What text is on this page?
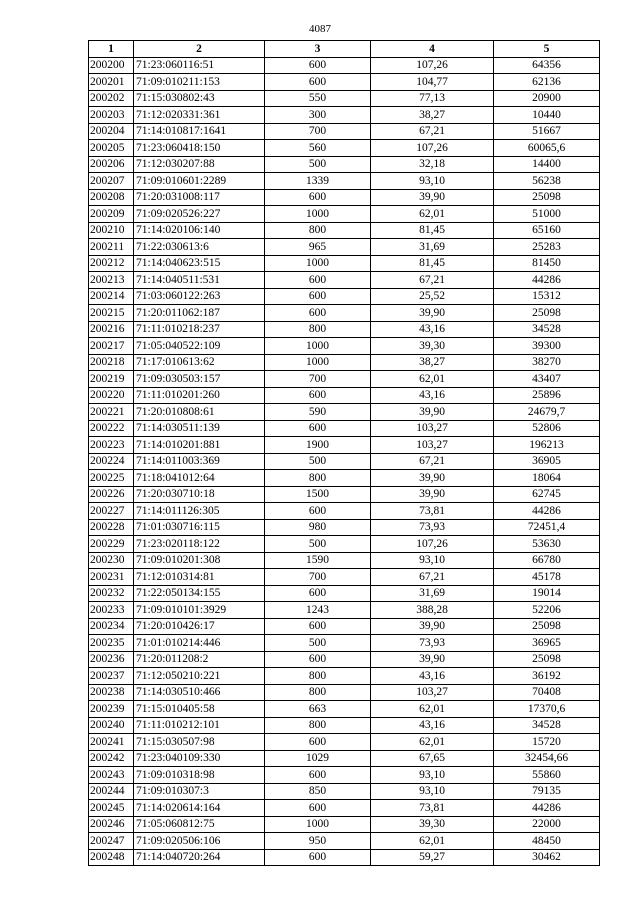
4087
1	2	3	4	5
200200	71:23:060116:51	600	107,26	64356
200201	71:09:010211:153	600	104,77	62136
200202	71:15:030802:43	550	77,13	20900
200203	71:12:020331:361	300	38,27	10440
200204	71:14:010817:1641	700	67,21	51667
200205	71:23:060418:150	560	107,26	60065,6
200206	71:12:030207:88	500	32,18	14400
200207	71:09:010601:2289	1339	93,10	56238
200208	71:20:031008:117	600	39,90	25098
200209	71:09:020526:227	1000	62,01	51000
200210	71:14:020106:140	800	81,45	65160
200211	71:22:030613:6	965	31,69	25283
200212	71:14:040623:515	1000	81,45	81450
200213	71:14:040511:531	600	67,21	44286
200214	71:03:060122:263	600	25,52	15312
200215	71:20:011062:187	600	39,90	25098
200216	71:11:010218:237	800	43,16	34528
200217	71:05:040522:109	1000	39,30	39300
200218	71:17:010613:62	1000	38,27	38270
200219	71:09:030503:157	700	62,01	43407
200220	71:11:010201:260	600	43,16	25896
200221	71:20:010808:61	590	39,90	24679,7
200222	71:14:030511:139	600	103,27	52806
200223	71:14:010201:881	1900	103,27	196213
200224	71:14:011003:369	500	67,21	36905
200225	71:18:041012:64	800	39,90	18064
200226	71:20:030710:18	1500	39,90	62745
200227	71:14:011126:305	600	73,81	44286
200228	71:01:030716:115	980	73,93	72451,4
200229	71:23:020118:122	500	107,26	53630
200230	71:09:010201:308	1590	93,10	66780
200231	71:12:010314:81	700	67,21	45178
200232	71:22:050134:155	600	31,69	19014
200233	71:09:010101:3929	1243	388,28	52206
200234	71:20:010426:17	600	39,90	25098
200235	71:01:010214:446	500	73,93	36965
200236	71:20:011208:2	600	39,90	25098
200237	71:12:050210:221	800	43,16	36192
200238	71:14:030510:466	800	103,27	70408
200239	71:15:010405:58	663	62,01	17370,6
200240	71:11:010212:101	800	43,16	34528
200241	71:15:030507:98	600	62,01	15720
200242	71:23:040109:330	1029	67,65	32454,66
200243	71:09:010318:98	600	93,10	55860
200244	71:09:010307:3	850	93,10	79135
200245	71:14:020614:164	600	73,81	44286
200246	71:05:060812:75	1000	39,30	22000
200247	71:09:020506:106	950	62,01	48450
200248	71:14:040720:264	600	59,27	30462
